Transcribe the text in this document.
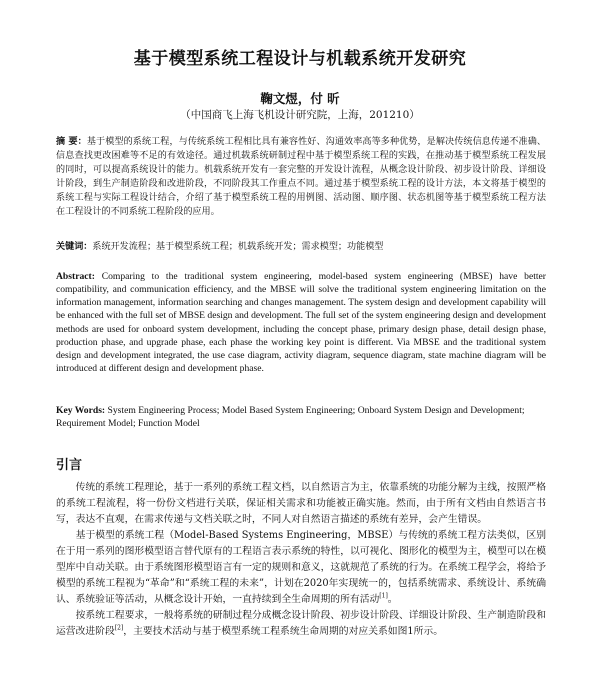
基于模型系统工程设计与机载系统开发研究
鞠文煜，付 昕
（中国商飞上海飞机设计研究院，上海，201210）
摘 要：基于模型的系统工程，与传统系统工程相比具有兼容性好、沟通效率高等多种优势，是解决传统信息传递不准确、信息查找更改困难等不足的有效途径。通过机载系统研制过程中基于模型系统工程的实践，在推动基于模型系统工程发展的同时，可以提高系统设计的能力。机载系统开发有一套完整的开发设计流程，从概念设计阶段、初步设计阶段、详细设计阶段，到生产制造阶段和改进阶段，不同阶段其工作重点不同。通过基于模型系统工程的设计方法，本文将基于模型的系统工程与实际工程设计结合，介绍了基于模型系统工程的用例图、活动图、顺序图、状态机图等基于模型系统工程方法在工程设计的不同系统工程阶段的应用。
关键词：系统开发流程；基于模型系统工程；机载系统开发；需求模型；功能模型
Abstract: Comparing to the traditional system engineering, model-based system engineering (MBSE) have better compatibility, and communication efficiency, and the MBSE will solve the traditional system engineering limitation on the information management, information searching and changes management. The system design and development capability will be enhanced with the full set of MBSE design and development. The full set of the system engineering design and development methods are used for onboard system development, including the concept phase, primary design phase, detail design phase, production phase, and upgrade phase, each phase the working key point is different. Via MBSE and the traditional system design and development integrated, the use case diagram, activity diagram, sequence diagram, state machine diagram will be introduced at different design and development phase.
Key Words: System Engineering Process; Model Based System Engineering; Onboard System Design and Development; Requirement Model; Function Model
引言

传统的系统工程理论，基于一系列的系统工程文档，以自然语言为主，依靠系统的功能分解为主线，按照严格的系统工程流程，将一份份文档进行关联，保证相关需求和功能被正确实施。然而，由于所有文档由自然语言书写，表达不直观，在需求传递与文档关联之时，不同人对自然语言描述的系统有差异，会产生错误。

基于模型的系统工程（Model-Based Systems Engineering，MBSE）与传统的系统工程方法类似，区别在于用一系列的图形模型语言替代原有的工程语言表示系统的特性，以可视化、图形化的模型为主，模型可以在模型库中自动关联。由于系统图形模型语言有一定的规则和意义，这就规范了系统的行为。在系统工程学会，将给予模型的系统工程视为“革命”和“系统工程的未来”，计划在2020年实现统一的，包括系统需求、系统设计、系统确认、系统验证等活动，从概念设计开始，一直持续到全生命周期的所有活动[1]。

按系统工程要求，一般将系统的研制过程分成概念设计阶段、初步设计阶段、详细设计阶段、生产制造阶段和运营改进阶段[2]，主要技术活动与基于模型系统工程系统生命周期的对应关系如图1所示。
